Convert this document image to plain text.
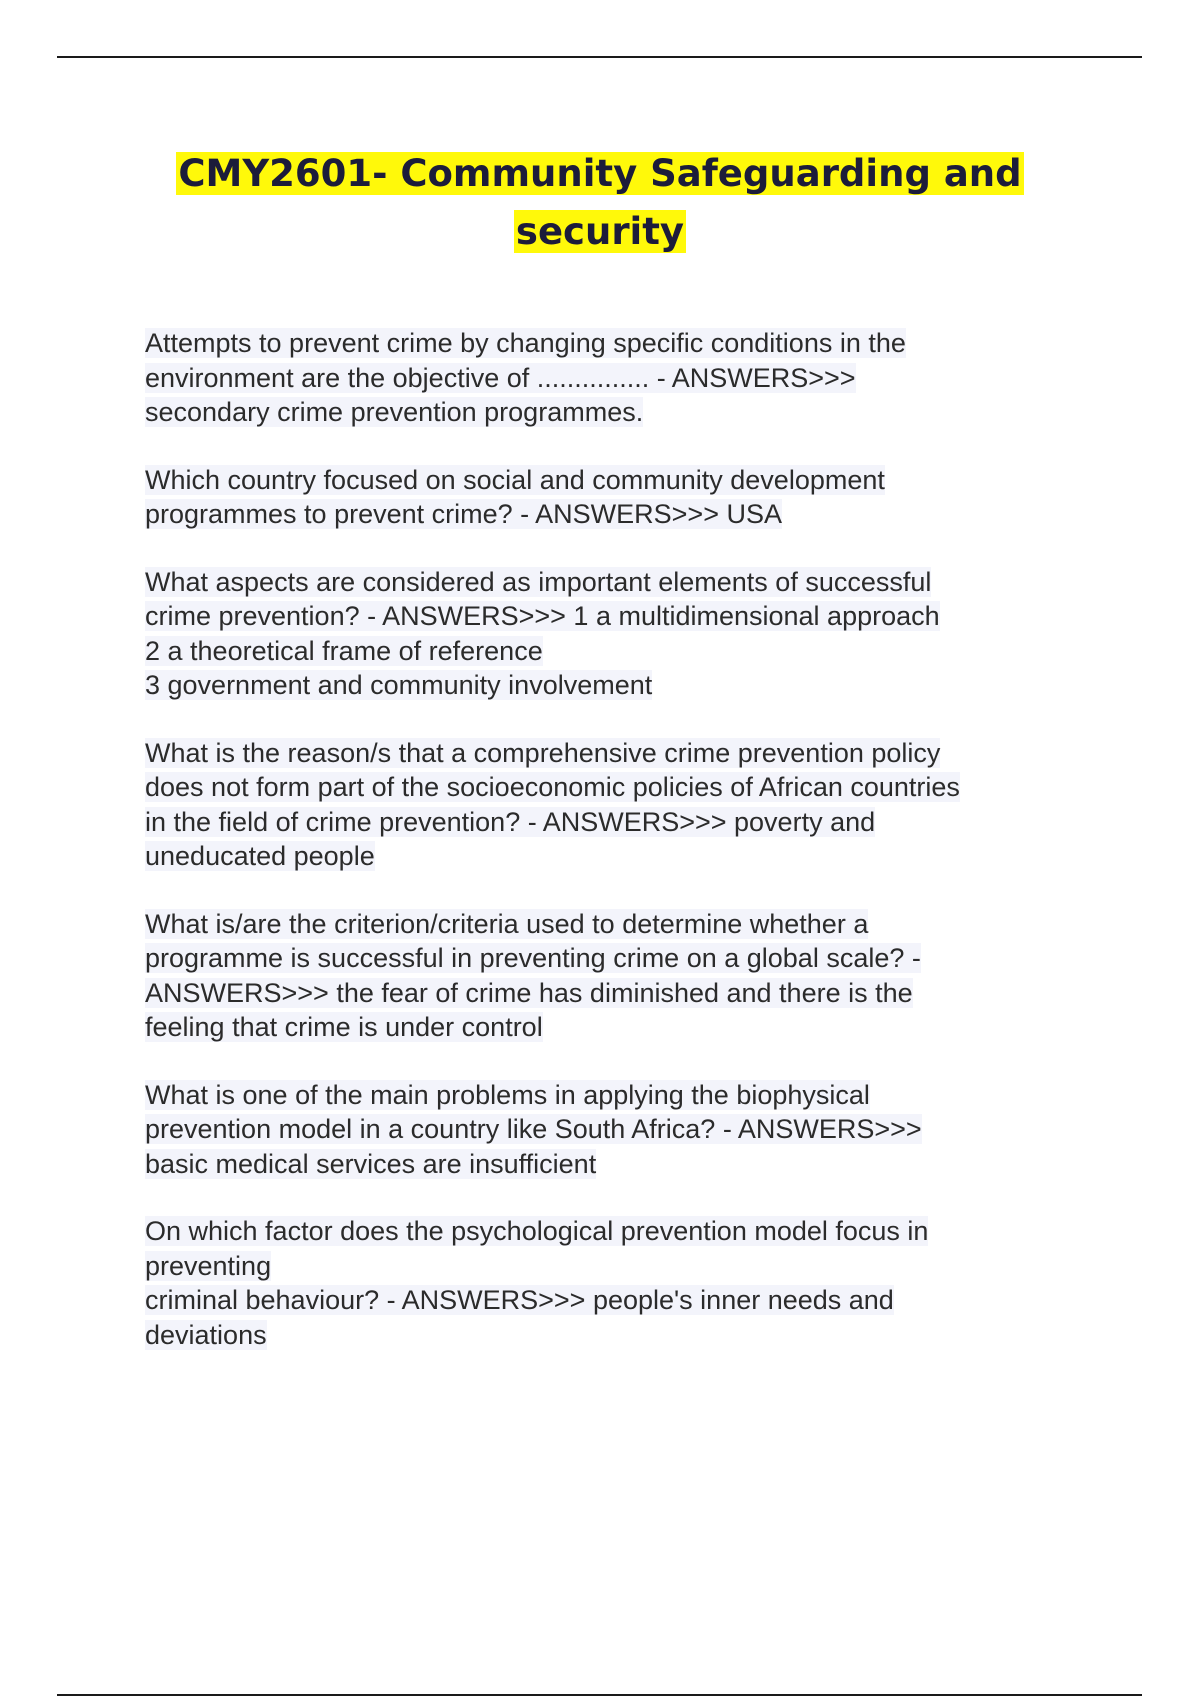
CMY2601- Community Safeguarding and security

Attempts to prevent crime by changing specific conditions in the
environment are the objective of ............... - ANSWERS>>>
secondary crime prevention programmes.

Which country focused on social and community development
programmes to prevent crime? - ANSWERS>>> USA

What aspects are considered as important elements of successful
crime prevention? - ANSWERS>>> 1 a multidimensional approach
2 a theoretical frame of reference
3 government and community involvement

What is the reason/s that a comprehensive crime prevention policy
does not form part of the socioeconomic policies of African countries
in the field of crime prevention? - ANSWERS>>> poverty and
uneducated people

What is/are the criterion/criteria used to determine whether a
programme is successful in preventing crime on a global scale? -
ANSWERS>>> the fear of crime has diminished and there is the
feeling that crime is under control

What is one of the main problems in applying the biophysical
prevention model in a country like South Africa? - ANSWERS>>>
basic medical services are insufficient

On which factor does the psychological prevention model focus in
preventing
criminal behaviour? - ANSWERS>>> people's inner needs and
deviations
